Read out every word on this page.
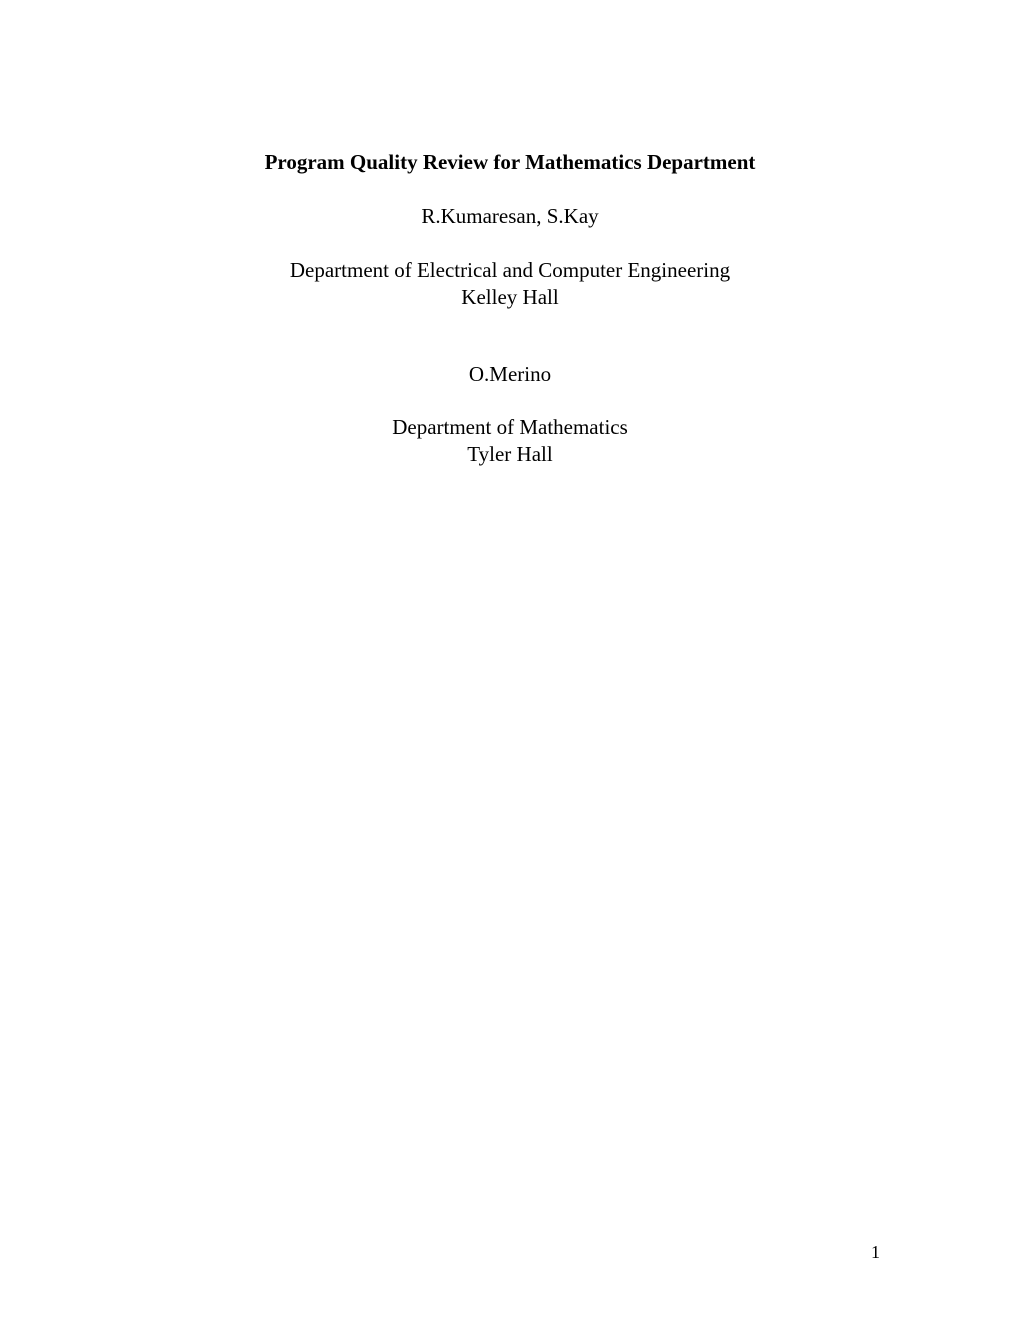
Program Quality Review for Mathematics Department
R.Kumaresan, S.Kay
Department of Electrical and Computer Engineering
Kelley Hall
O.Merino
Department of Mathematics
Tyler Hall
1
